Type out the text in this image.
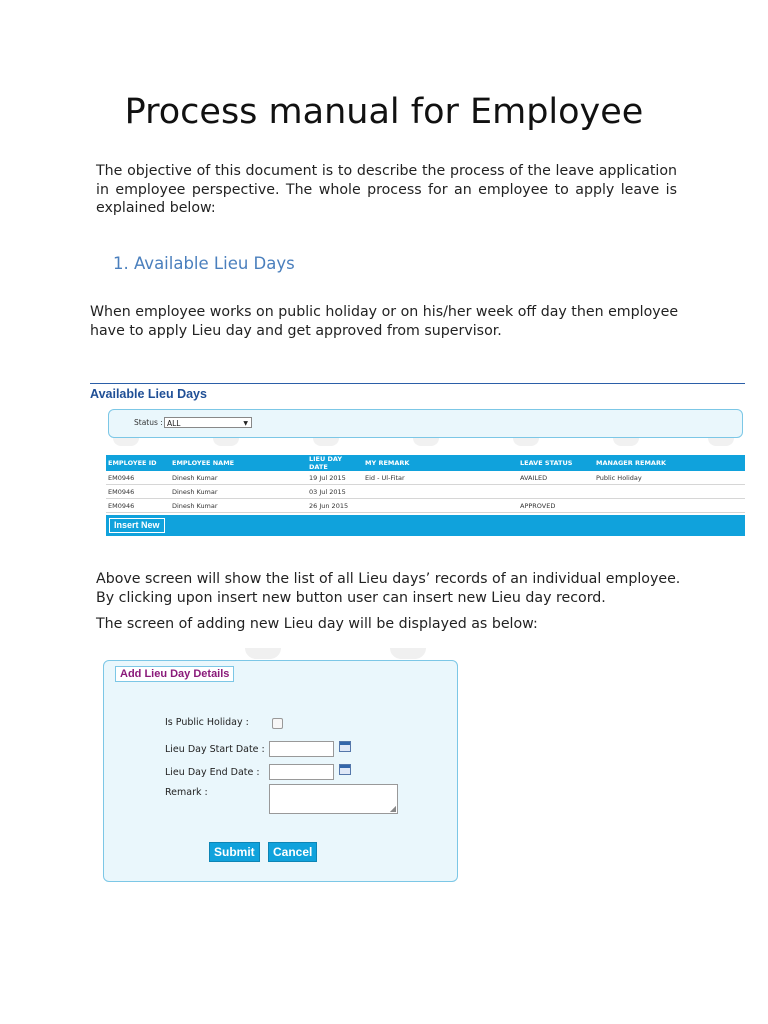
Process manual for Employee
The objective of this document is to describe the process of the leave application in employee perspective. The whole process for an employee to apply leave is explained below:
1. Available Lieu Days
When employee works on public holiday or on his/her week off day then employee have to apply Lieu day and get approved from supervisor.
Available Lieu Days
Status : ALL	▼
EMPLOYEE ID	EMPLOYEE NAME	LIEU DAY DATE	MY REMARK	LEAVE STATUS	MANAGER REMARK
EM0946	Dinesh Kumar	19 Jul 2015	Eid - Ul-Fitar	AVAILED	Public Holiday
EM0946	Dinesh Kumar	03 Jul 2015			
EM0946	Dinesh Kumar	26 Jun 2015		APPROVED	
Insert New
Above screen will show the list of all Lieu days’ records of an individual employee.
By clicking upon insert new button user can insert new Lieu day record.
The screen of adding new Lieu day will be displayed as below:
Add Lieu Day Details
Is Public Holiday :
Lieu Day Start Date :
Lieu Day End Date :
Remark :
◢
Submit	Cancel
